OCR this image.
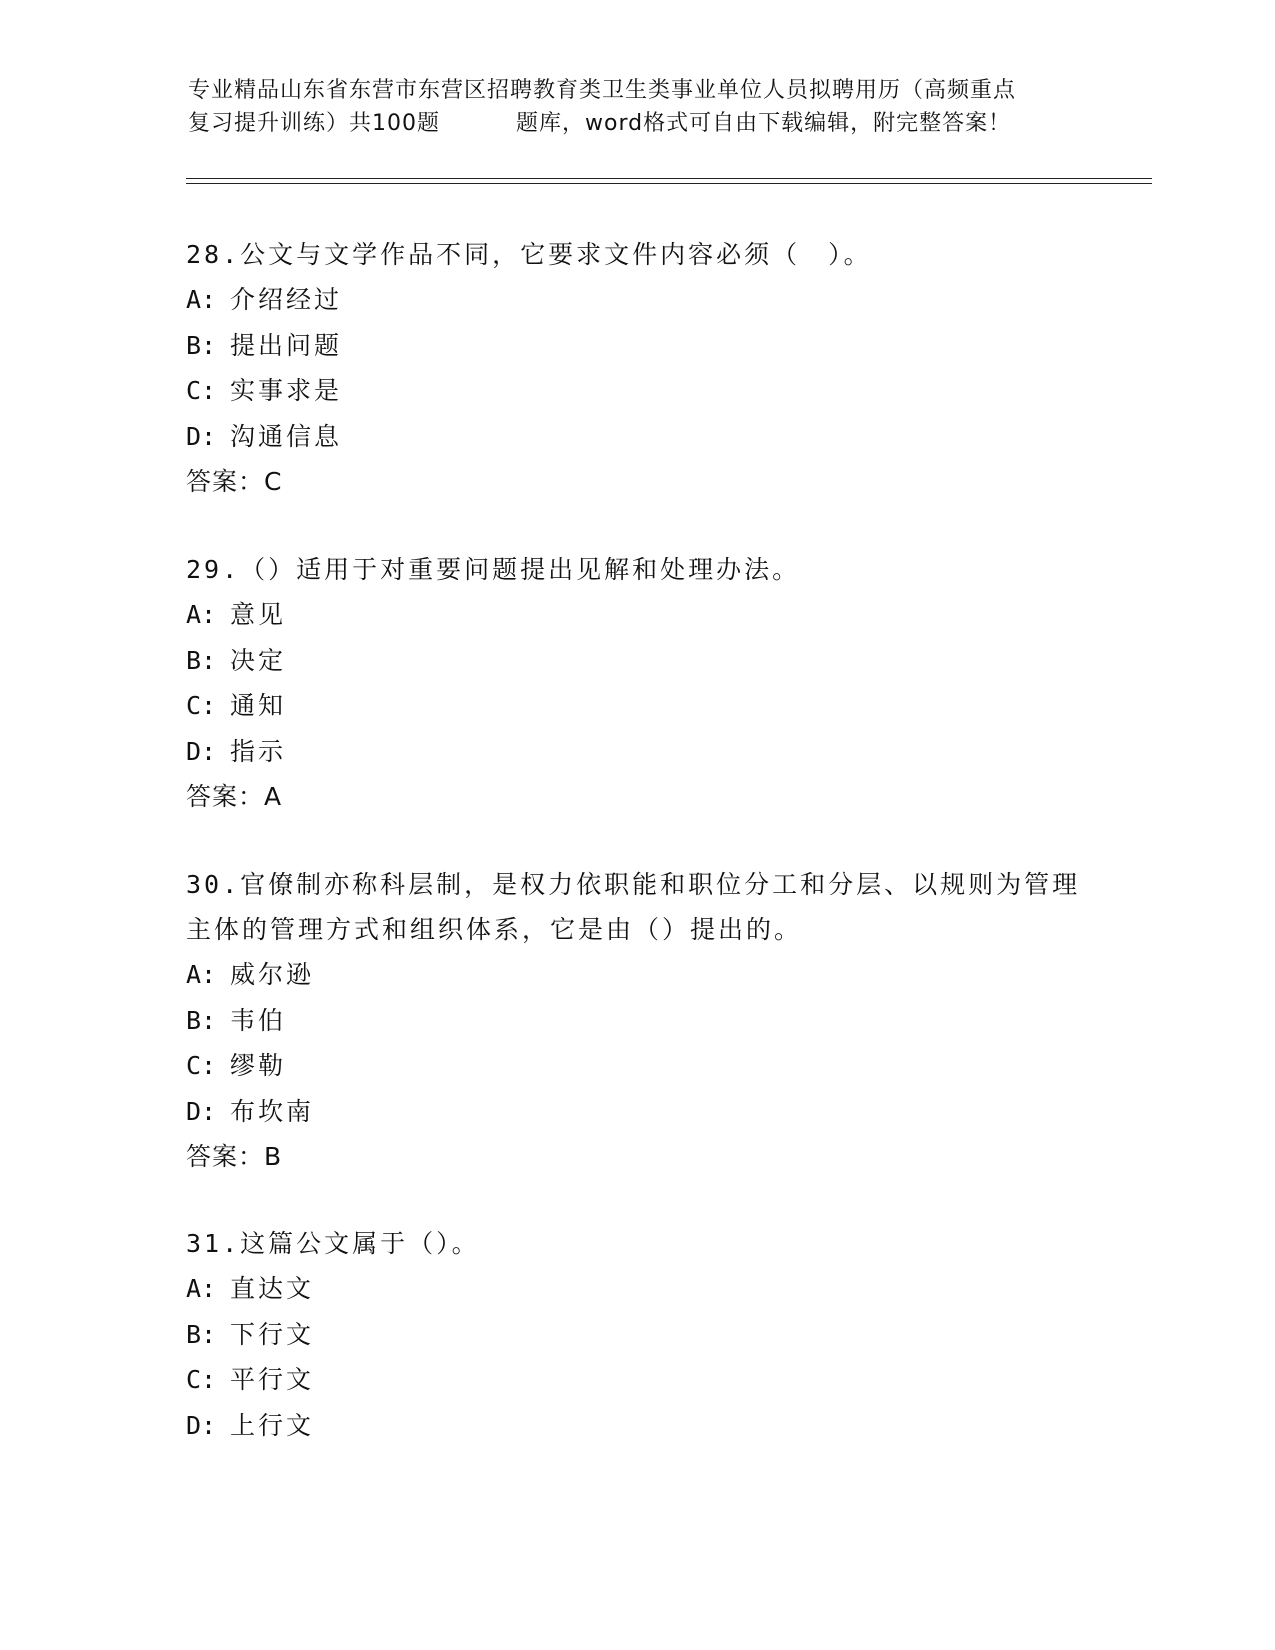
专业精品山东省东营市东营区招聘教育类卫生类事业单位人员拟聘用历（高频重点
复习提升训练）共100题	题库，word格式可自由下载编辑，附完整答案！

28.公文与文学作品不同，它要求文件内容必须（　）。

A: 介绍经过

B: 提出问题

C: 实事求是

D: 沟通信息

答案：C

29.（）适用于对重要问题提出见解和处理办法。

A: 意见

B: 决定

C: 通知

D: 指示

答案：A

30.官僚制亦称科层制，是权力依职能和职位分工和分层、以规则为管理主体的管理方式和组织体系，它是由（）提出的。

A: 威尔逊

B: 韦伯

C: 缪勒

D: 布坎南

答案：B

31.这篇公文属于（）。

A: 直达文

B: 下行文

C: 平行文

D: 上行文
